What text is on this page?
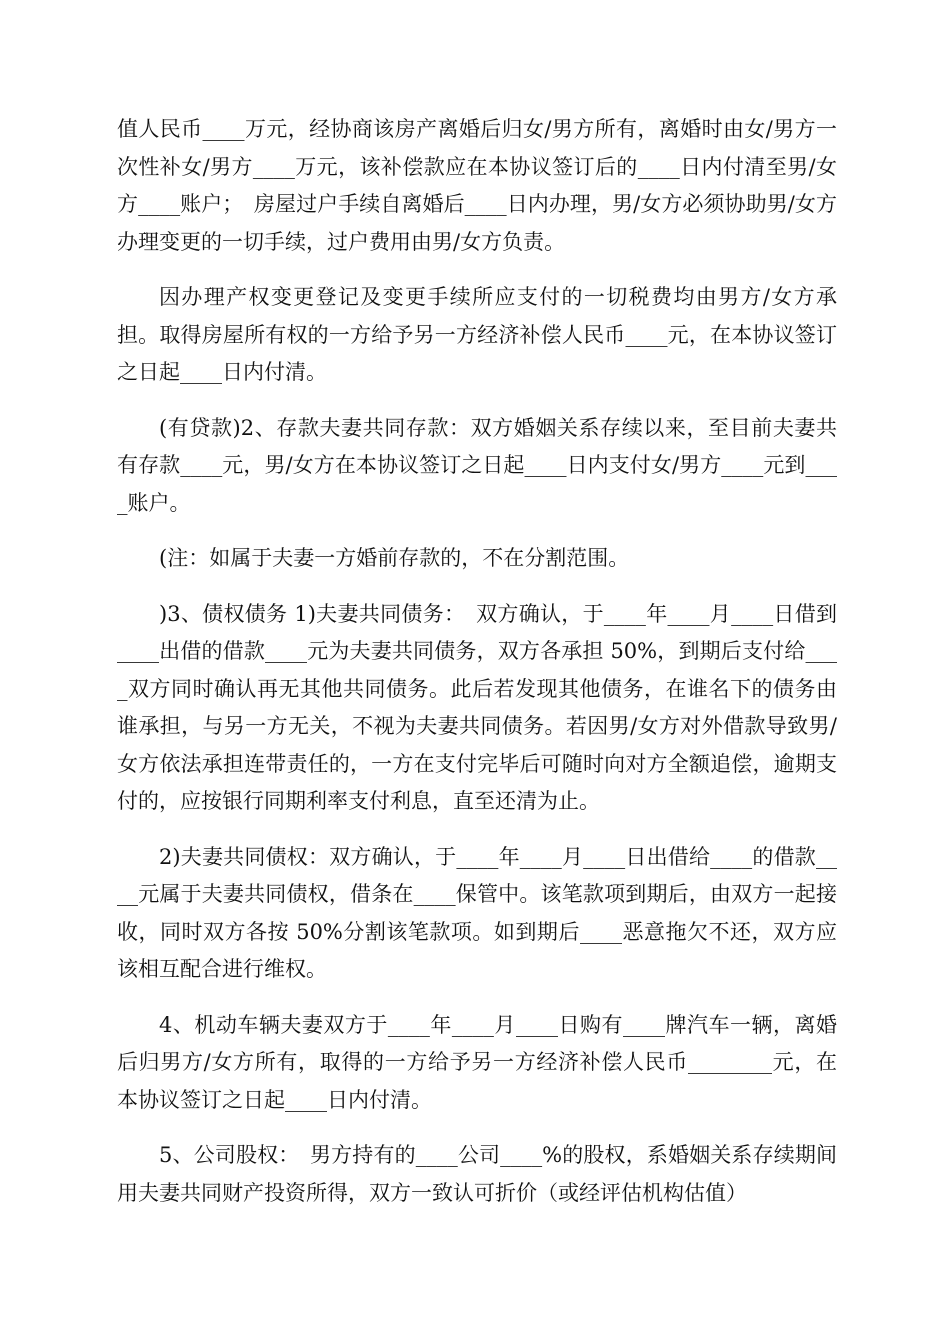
值人民币____万元，经协商该房产离婚后归女/男方所有，离婚时由女/男方一次性补女/男方____万元，该补偿款应在本协议签订后的____日内付清至男/女方____账户；　房屋过户手续自离婚后____日内办理，男/女方必须协助男/女方办理变更的一切手续，过户费用由男/女方负责。

因办理产权变更登记及变更手续所应支付的一切税费均由男方/女方承担。取得房屋所有权的一方给予另一方经济补偿人民币____元，在本协议签订之日起____日内付清。

(有贷款)2、存款夫妻共同存款：双方婚姻关系存续以来，至目前夫妻共有存款____元，男/女方在本协议签订之日起____日内支付女/男方____元到____账户。

(注：如属于夫妻一方婚前存款的，不在分割范围。

)3、债权债务 1)夫妻共同债务：　双方确认，于____年____月____日借到____出借的借款____元为夫妻共同债务，双方各承担 50%，到期后支付给____双方同时确认再无其他共同债务。此后若发现其他债务，在谁名下的债务由谁承担，与另一方无关，不视为夫妻共同债务。若因男/女方对外借款导致男/女方依法承担连带责任的，一方在支付完毕后可随时向对方全额追偿，逾期支付的，应按银行同期利率支付利息，直至还清为止。

2)夫妻共同债权：双方确认，于____年____月____日出借给____的借款____元属于夫妻共同债权，借条在____保管中。该笔款项到期后，由双方一起接收，同时双方各按 50%分割该笔款项。如到期后____恶意拖欠不还，双方应该相互配合进行维权。

4、机动车辆夫妻双方于____年____月____日购有____牌汽车一辆，离婚后归男方/女方所有，取得的一方给予另一方经济补偿人民币________元，在本协议签订之日起____日内付清。

5、公司股权：　男方持有的____公司____%的股权，系婚姻关系存续期间用夫妻共同财产投资所得，双方一致认可折价（或经评估机构估值）
